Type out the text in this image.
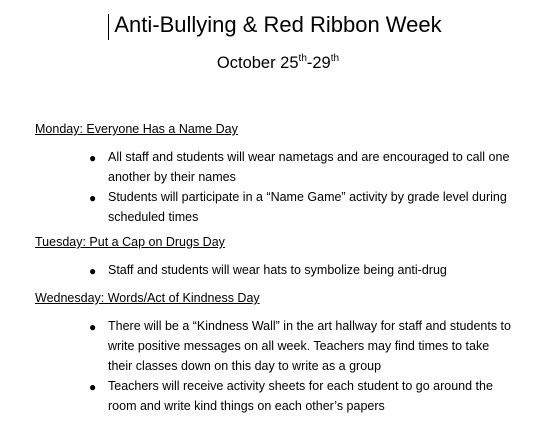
Anti-Bullying & Red Ribbon Week
October 25th-29th
Monday: Everyone Has a Name Day
● All staff and students will wear nametags and are encouraged to call one another by their names
● Students will participate in a “Name Game” activity by grade level during scheduled times
Tuesday: Put a Cap on Drugs Day
● Staff and students will wear hats to symbolize being anti-drug
Wednesday: Words/Act of Kindness Day
● There will be a “Kindness Wall” in the art hallway for staff and students to write positive messages on all week. Teachers may find times to take their classes down on this day to write as a group
● Teachers will receive activity sheets for each student to go around the room and write kind things on each other’s papers
